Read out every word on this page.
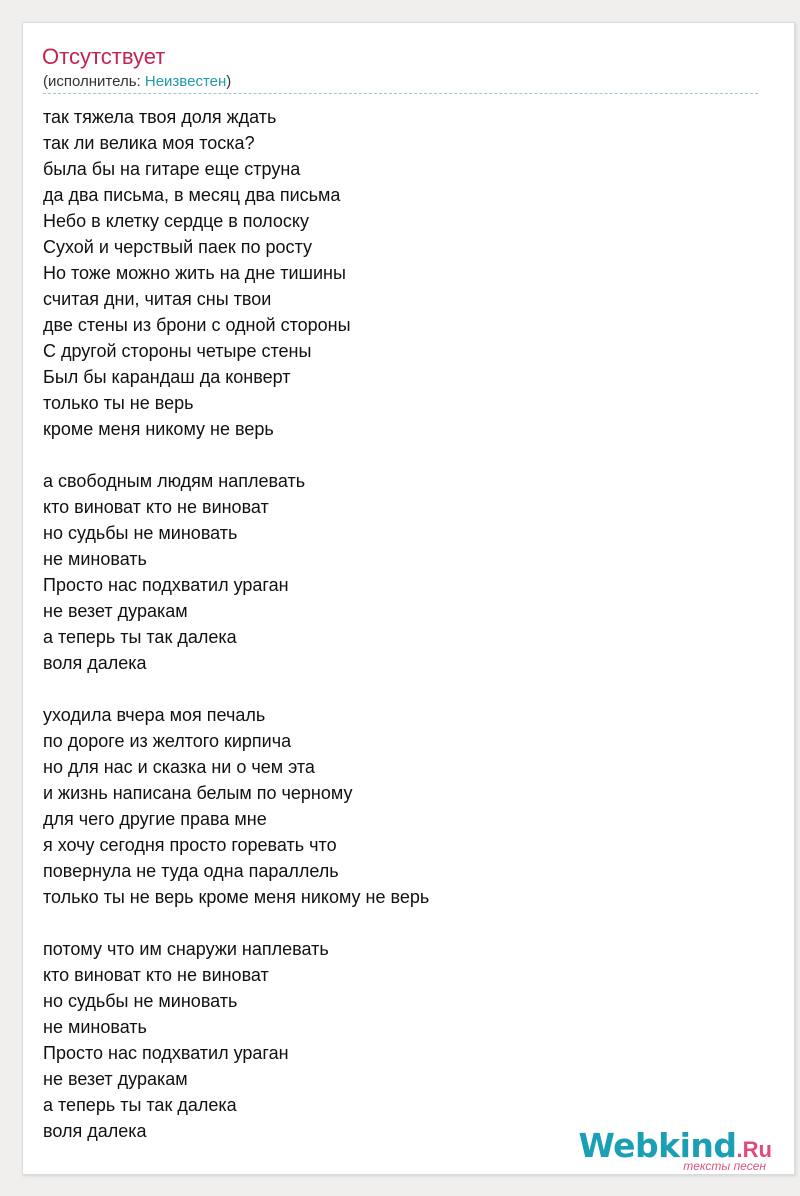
Отсутствует
(исполнитель: Неизвестен)
так тяжела твоя доля ждать
так ли велика моя тоска?
была бы на гитаре еще струна
да два письма, в месяц два письма
Небо в клетку сердце в полоску
Сухой и черствый паек по росту
Но тоже можно жить на дне тишины
считая дни, читая сны твои
две стены из брони с одной стороны
С другой стороны четыре стены
Был бы карандаш да конверт
только ты не верь
кроме меня никому не верь
а свободным людям наплевать
кто виноват кто не виноват
но судьбы не миновать
не миновать
Просто нас подхватил ураган
не везет дуракам
а теперь ты так далека
воля далека
уходила вчера моя печаль
по дороге из желтого кирпича
но для нас и сказка ни о чем эта
и жизнь написана белым по черному
для чего другие права мне
я хочу сегодня просто горевать что
повернула не туда одна параллель
только ты не верь кроме меня никому не верь
потому что им снаружи наплевать
кто виноват кто не виноват
но судьбы не миновать
не миновать
Просто нас подхватил ураган
не везет дуракам
а теперь ты так далека
воля далека	Webkind.Ru
тексты песен
